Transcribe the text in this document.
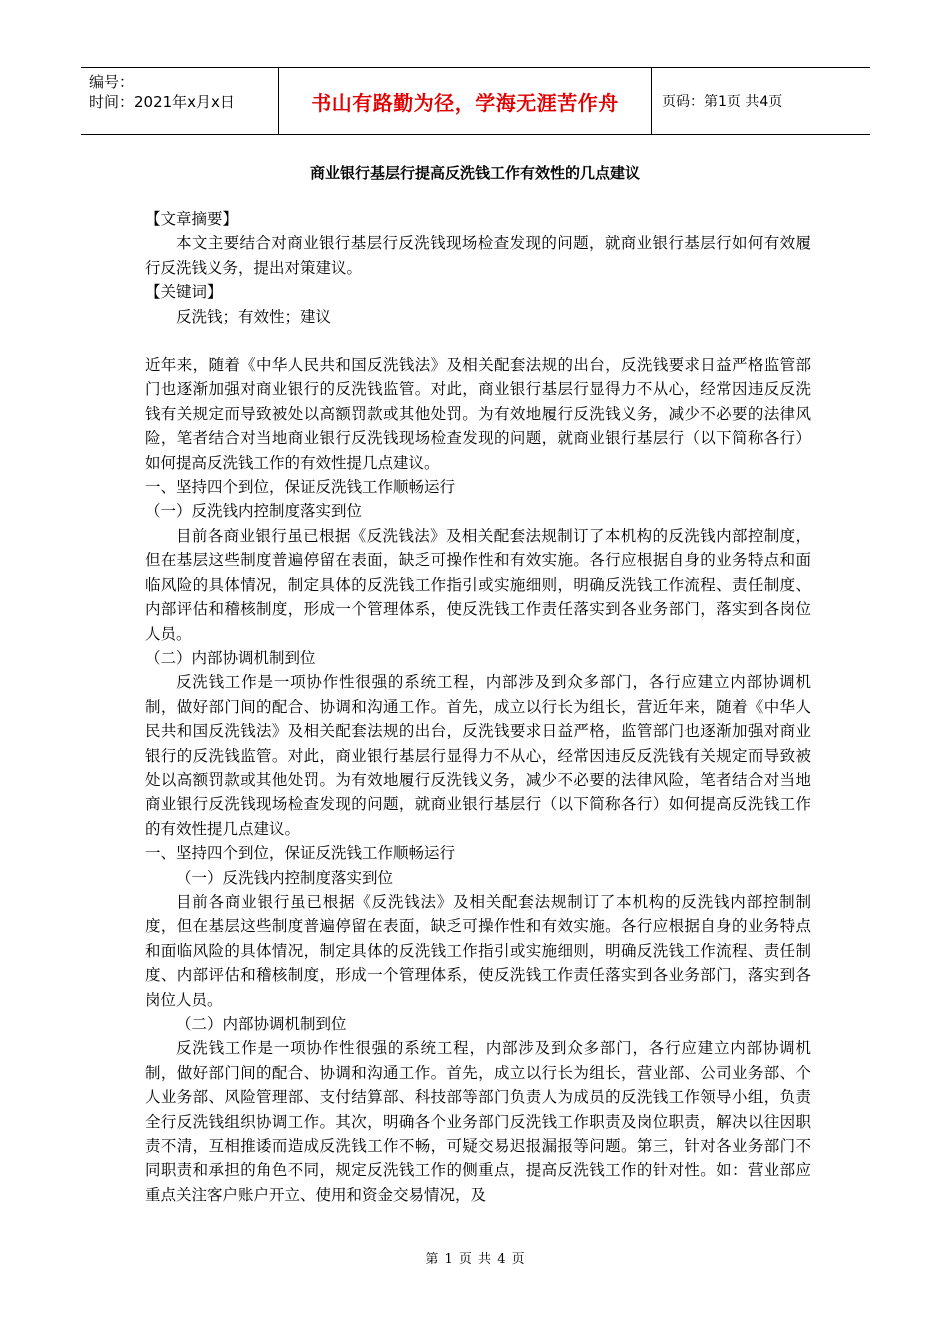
编号：
时间：2021年x月x日	书山有路勤为径，学海无涯苦作舟	页码：第1页 共4页
商业银行基层行提高反洗钱工作有效性的几点建议

【文章摘要】

本文主要结合对商业银行基层行反洗钱现场检查发现的问题，就商业银行基层行如何有效履行反洗钱义务，提出对策建议。

【关键词】

反洗钱；有效性；建议

近年来，随着《中华人民共和国反洗钱法》及相关配套法规的出台，反洗钱要求日益严格监管部门也逐渐加强对商业银行的反洗钱监管。对此，商业银行基层行显得力不从心，经常因违反反洗钱有关规定而导致被处以高额罚款或其他处罚。为有效地履行反洗钱义务，减少不必要的法律风险，笔者结合对当地商业银行反洗钱现场检查发现的问题，就商业银行基层行（以下简称各行）如何提高反洗钱工作的有效性提几点建议。

一、坚持四个到位，保证反洗钱工作顺畅运行

（一）反洗钱内控制度落实到位

目前各商业银行虽已根据《反洗钱法》及相关配套法规制订了本机构的反洗钱内部控制度，但在基层这些制度普遍停留在表面，缺乏可操作性和有效实施。各行应根据自身的业务特点和面临风险的具体情况，制定具体的反洗钱工作指引或实施细则，明确反洗钱工作流程、责任制度、内部评估和稽核制度，形成一个管理体系，使反洗钱工作责任落实到各业务部门，落实到各岗位人员。

（二）内部协调机制到位

反洗钱工作是一项协作性很强的系统工程，内部涉及到众多部门，各行应建立内部协调机制，做好部门间的配合、协调和沟通工作。首先，成立以行长为组长，营近年来，随着《中华人民共和国反洗钱法》及相关配套法规的出台，反洗钱要求日益严格，监管部门也逐渐加强对商业银行的反洗钱监管。对此，商业银行基层行显得力不从心，经常因违反反洗钱有关规定而导致被处以高额罚款或其他处罚。为有效地履行反洗钱义务，减少不必要的法律风险，笔者结合对当地商业银行反洗钱现场检查发现的问题，就商业银行基层行（以下简称各行）如何提高反洗钱工作的有效性提几点建议。

一、坚持四个到位，保证反洗钱工作顺畅运行

（一）反洗钱内控制度落实到位

目前各商业银行虽已根据《反洗钱法》及相关配套法规制订了本机构的反洗钱内部控制制度，但在基层这些制度普遍停留在表面，缺乏可操作性和有效实施。各行应根据自身的业务特点和面临风险的具体情况，制定具体的反洗钱工作指引或实施细则，明确反洗钱工作流程、责任制度、内部评估和稽核制度，形成一个管理体系，使反洗钱工作责任落实到各业务部门，落实到各岗位人员。

（二）内部协调机制到位

反洗钱工作是一项协作性很强的系统工程，内部涉及到众多部门，各行应建立内部协调机制，做好部门间的配合、协调和沟通工作。首先，成立以行长为组长，营业部、公司业务部、个人业务部、风险管理部、支付结算部、科技部等部门负责人为成员的反洗钱工作领导小组，负责全行反洗钱组织协调工作。其次，明确各个业务部门反洗钱工作职责及岗位职责，解决以往因职责不清，互相推诿而造成反洗钱工作不畅，可疑交易迟报漏报等问题。第三，针对各业务部门不同职责和承担的角色不同，规定反洗钱工作的侧重点，提高反洗钱工作的针对性。如：营业部应重点关注客户账户开立、使用和资金交易情况，及

第 1 页 共 4 页
